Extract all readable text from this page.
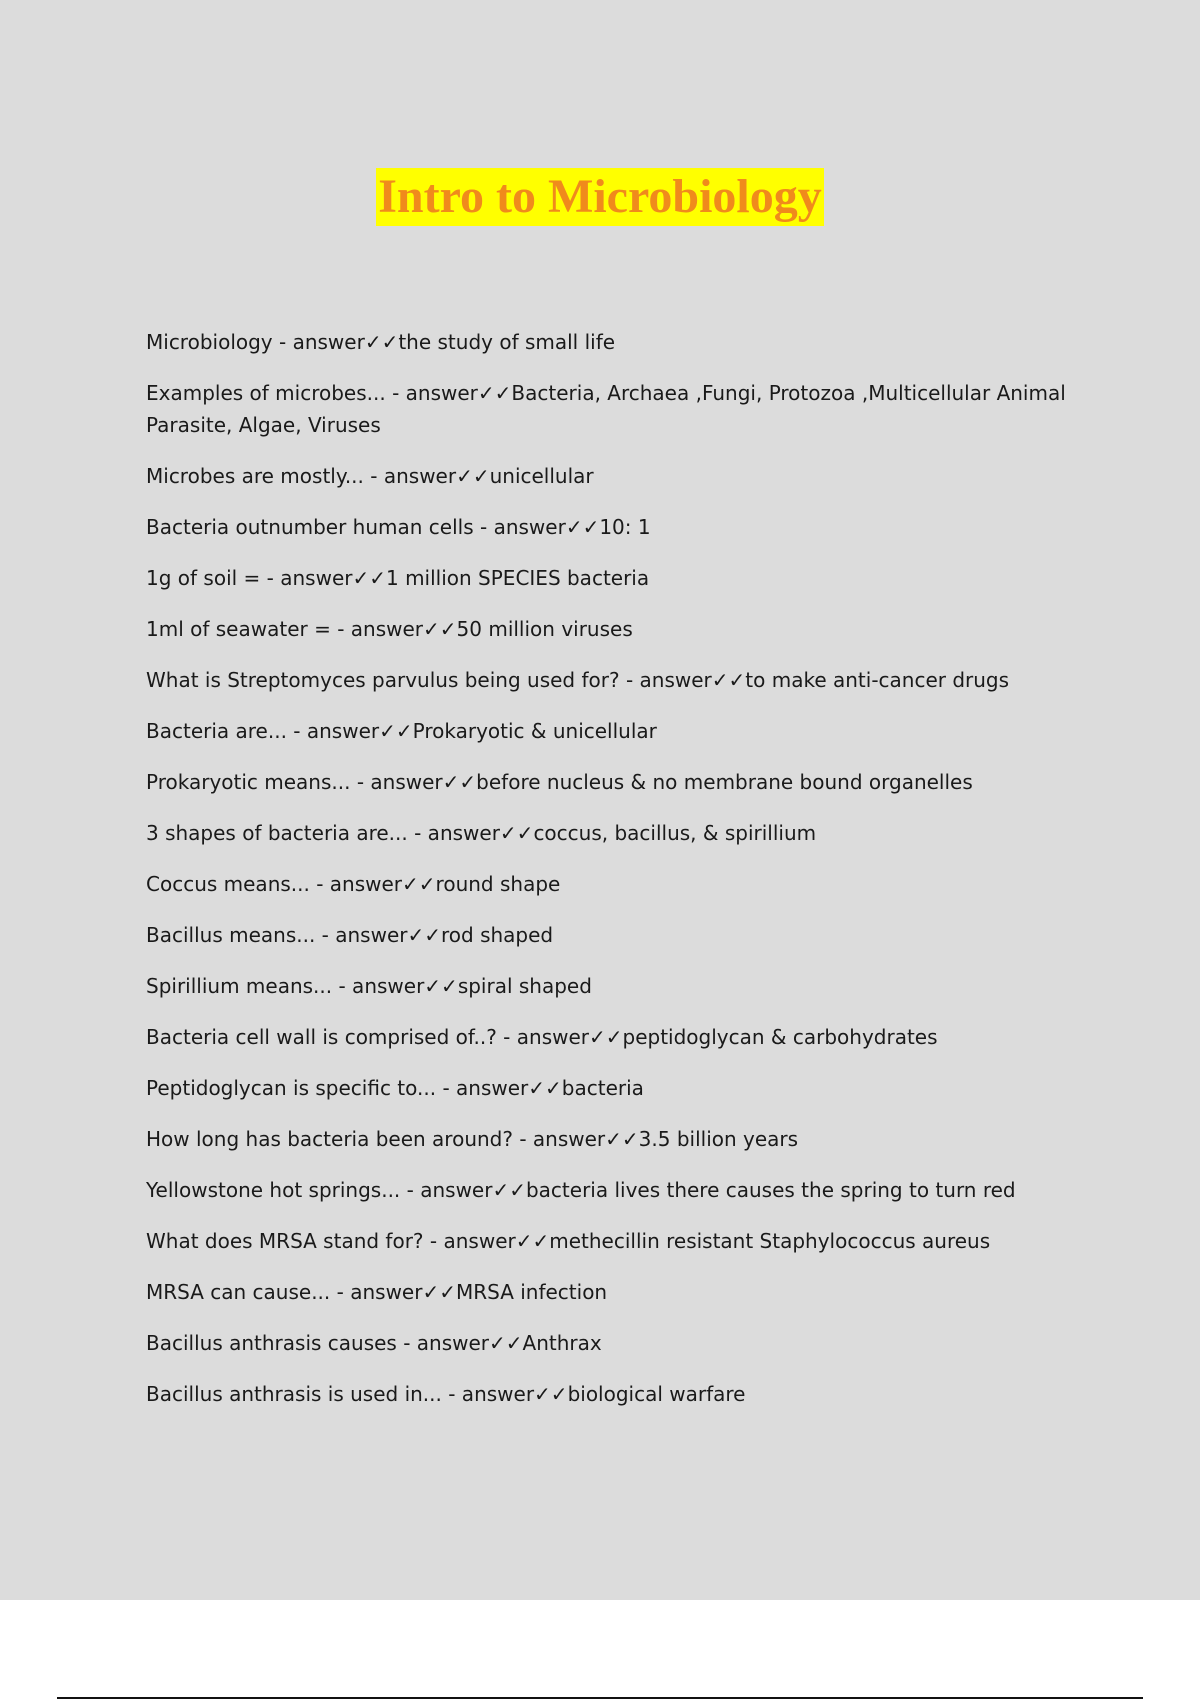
Intro to Microbiology
Microbiology - answer✓✓the study of small life
Examples of microbes... - answer✓✓Bacteria, Archaea ,Fungi, Protozoa ,Multicellular Animal Parasite, Algae, Viruses
Microbes are mostly... - answer✓✓unicellular
Bacteria outnumber human cells - answer✓✓10: 1
1g of soil = - answer✓✓1 million SPECIES bacteria
1ml of seawater = - answer✓✓50 million viruses
What is Streptomyces parvulus being used for? - answer✓✓to make anti-cancer drugs
Bacteria are... - answer✓✓Prokaryotic & unicellular
Prokaryotic means... - answer✓✓before nucleus & no membrane bound organelles
3 shapes of bacteria are... - answer✓✓coccus, bacillus, & spirillium
Coccus means... - answer✓✓round shape
Bacillus means... - answer✓✓rod shaped
Spirillium means... - answer✓✓spiral shaped
Bacteria cell wall is comprised of..? - answer✓✓peptidoglycan & carbohydrates
Peptidoglycan is specific to... - answer✓✓bacteria
How long has bacteria been around? - answer✓✓3.5 billion years
Yellowstone hot springs... - answer✓✓bacteria lives there causes the spring to turn red
What does MRSA stand for? - answer✓✓methecillin resistant Staphylococcus aureus
MRSA can cause... - answer✓✓MRSA infection
Bacillus anthrasis causes - answer✓✓Anthrax
Bacillus anthrasis is used in... - answer✓✓biological warfare
